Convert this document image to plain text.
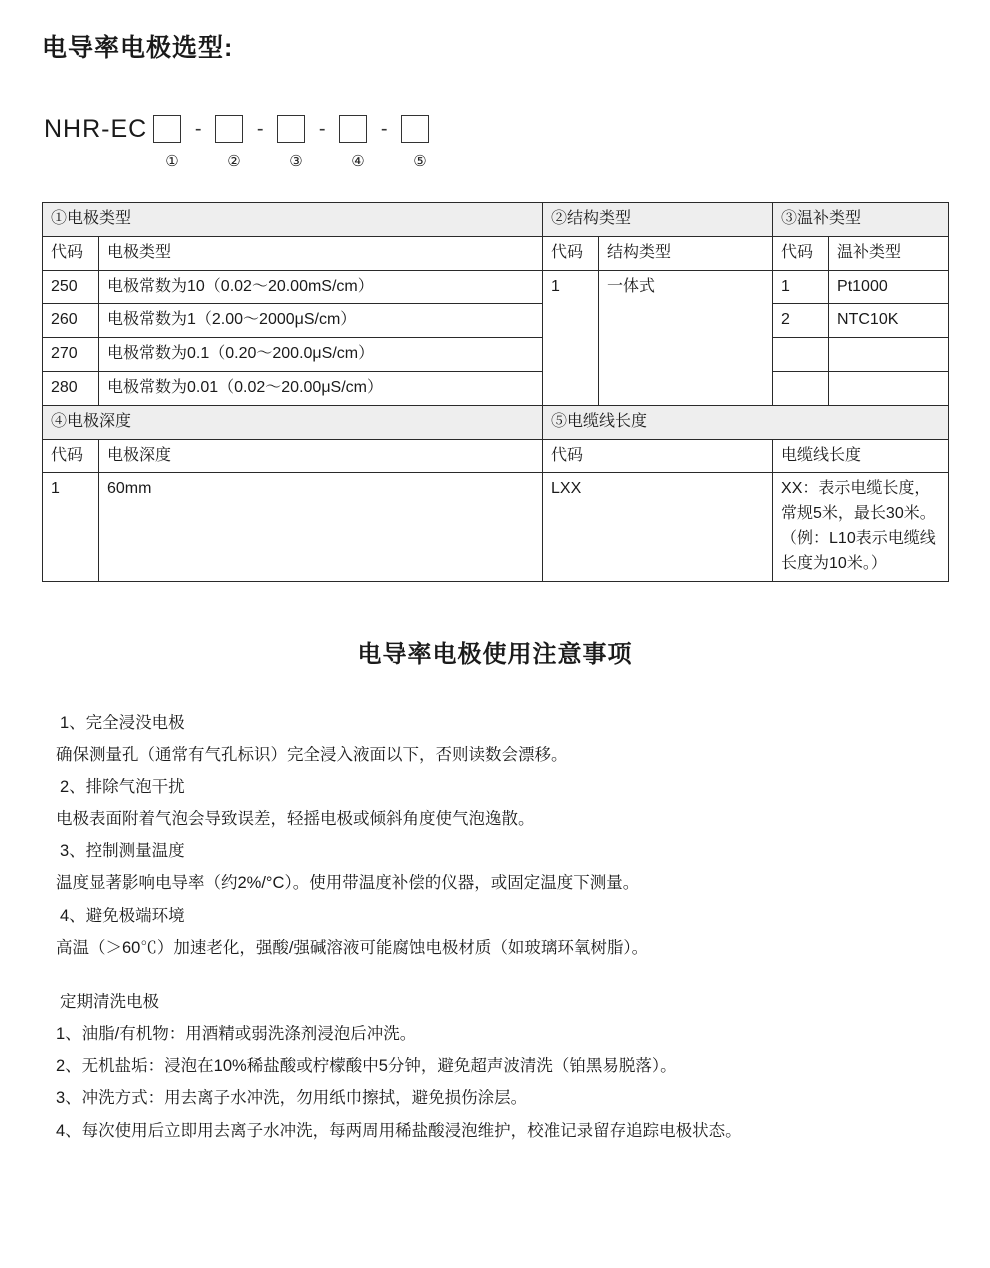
电导率电极选型:
NHR-EC	-	-	-	-
①	②	③	④	⑤
①电极类型		②结构类型		③温补类型	
代码	电极类型	代码	结构类型	代码	温补类型
250	电极常数为10（0.02～20.00mS/cm）	1	一体式	1	Pt1000
260	电极常数为1（2.00～2000μS/cm）			2	NTC10K
270	电极常数为0.1（0.20～200.0μS/cm）				
280	电极常数为0.01（0.02～20.00μS/cm）				
④电极深度		⑤电缆线长度			
代码	电极深度	代码		电缆线长度	
1	60mm	LXX		XX：表示电缆长度，
常规5米，最长30米。
（例：L10表示电缆线
长度为10米。）	
电导率电极使用注意事项
1、完全浸没电极
确保测量孔（通常有气孔标识）完全浸入液面以下，否则读数会漂移。
2、排除气泡干扰
电极表面附着气泡会导致误差，轻摇电极或倾斜角度使气泡逸散。
3、控制测量温度
温度显著影响电导率（约2%/°C）。使用带温度补偿的仪器，或固定温度下测量。
4、避免极端环境
高温（＞60℃）加速老化，强酸/强碱溶液可能腐蚀电极材质（如玻璃环氧树脂）。
定期清洗电极
1、油脂/有机物：用酒精或弱洗涤剂浸泡后冲洗。
2、无机盐垢：浸泡在10%稀盐酸或柠檬酸中5分钟，避免超声波清洗（铂黑易脱落）。
3、冲洗方式：用去离子水冲洗，勿用纸巾擦拭，避免损伤涂层。
4、每次使用后立即用去离子水冲洗，每两周用稀盐酸浸泡维护，校准记录留存追踪电极状态。
